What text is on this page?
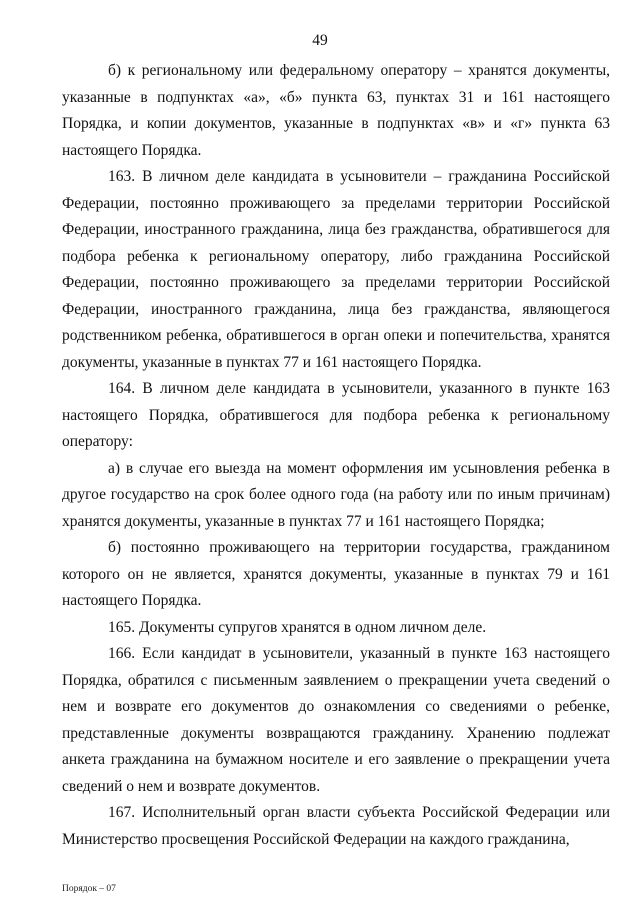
49

б) к региональному или федеральному оператору – хранятся документы, указанные в подпунктах «а», «б» пункта 63, пунктах 31 и 161 настоящего Порядка, и копии документов, указанные в подпунктах «в» и «г» пункта 63 настоящего Порядка.

163. В личном деле кандидата в усыновители – гражданина Российской Федерации, постоянно проживающего за пределами территории Российской Федерации, иностранного гражданина, лица без гражданства, обратившегося для подбора ребенка к региональному оператору, либо гражданина Российской Федерации, постоянно проживающего за пределами территории Российской Федерации, иностранного гражданина, лица без гражданства, являющегося родственником ребенка, обратившегося в орган опеки и попечительства, хранятся документы, указанные в пунктах 77 и 161 настоящего Порядка.

164. В личном деле кандидата в усыновители, указанного в пункте 163 настоящего Порядка, обратившегося для подбора ребенка к региональному оператору:

а) в случае его выезда на момент оформления им усыновления ребенка в другое государство на срок более одного года (на работу или по иным причинам) хранятся документы, указанные в пунктах 77 и 161 настоящего Порядка;

б) постоянно проживающего на территории государства, гражданином которого он не является, хранятся документы, указанные в пунктах 79 и 161 настоящего Порядка.

165. Документы супругов хранятся в одном личном деле.

166. Если кандидат в усыновители, указанный в пункте 163 настоящего Порядка, обратился с письменным заявлением о прекращении учета сведений о нем и возврате его документов до ознакомления со сведениями о ребенке, представленные документы возвращаются гражданину. Хранению подлежат анкета гражданина на бумажном носителе и его заявление о прекращении учета сведений о нем и возврате документов.

167. Исполнительный орган власти субъекта Российской Федерации или Министерство просвещения Российской Федерации на каждого гражданина,

Порядок – 07
